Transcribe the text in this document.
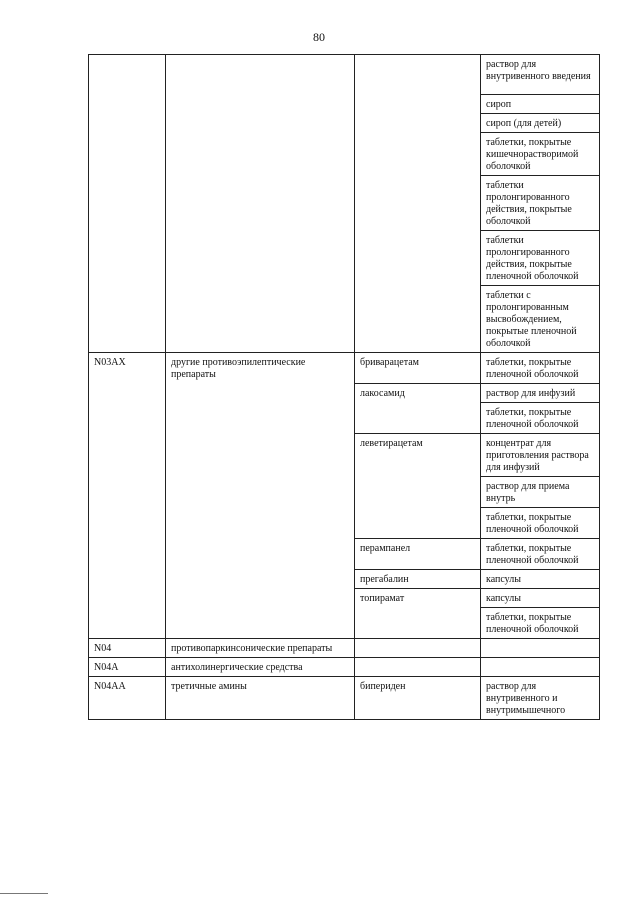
80
			раствор для внутривенного введения
			сироп
			сироп (для детей)
			таблетки, покрытые кишечнорастворимой оболочкой
			таблетки пролонгированного действия, покрытые оболочкой
			таблетки пролонгированного действия, покрытые пленочной оболочкой
			таблетки с пролонгированным высвобождением, покрытые пленочной оболочкой
N03AX	другие противоэпилептические препараты	бриварацетам	таблетки, покрытые пленочной оболочкой
		лакосамид	раствор для инфузий
			таблетки, покрытые пленочной оболочкой
		леветирацетам	концентрат для приготовления раствора для инфузий
			раствор для приема внутрь
			таблетки, покрытые пленочной оболочкой
		перампанел	таблетки, покрытые пленочной оболочкой
		прегабалин	капсулы
		топирамат	капсулы
			таблетки, покрытые пленочной оболочкой
N04	противопаркинсонические препараты		
N04A	антихолинергические средства		
N04AA	третичные амины	бипериден	раствор для внутривенного и внутримышечного
